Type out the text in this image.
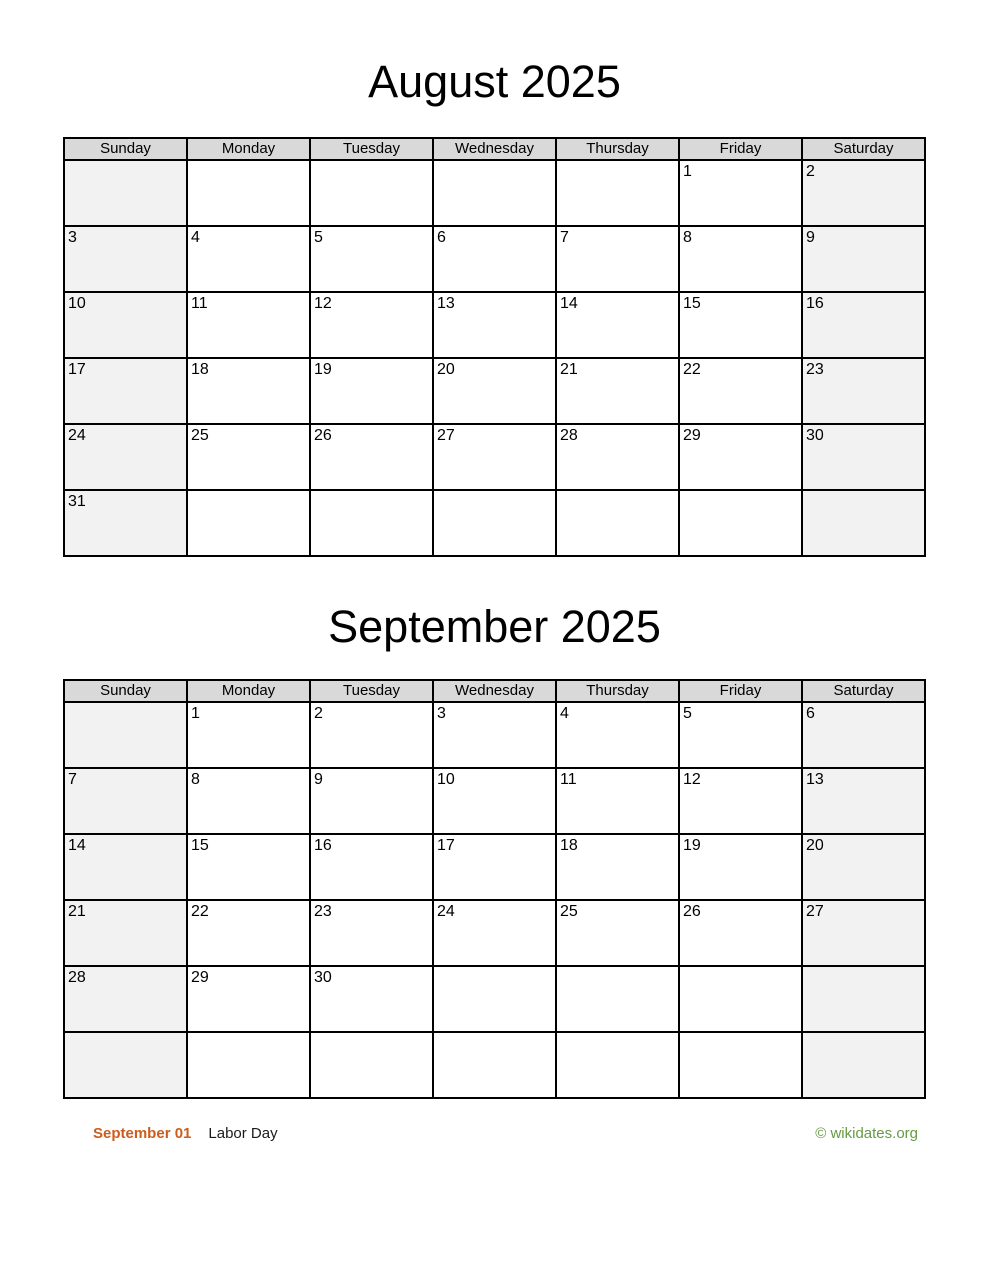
August 2025
Sunday	Monday	Tuesday	Wednesday	Thursday	Friday	Saturday
					1	2
3	4	5	6	7	8	9
10	11	12	13	14	15	16
17	18	19	20	21	22	23
24	25	26	27	28	29	30
31						
September 2025
Sunday	Monday	Tuesday	Wednesday	Thursday	Friday	Saturday
	1	2	3	4	5	6
7	8	9	10	11	12	13
14	15	16	17	18	19	20
21	22	23	24	25	26	27
28	29	30				

September 01 Labor Day	© wikidates.org
